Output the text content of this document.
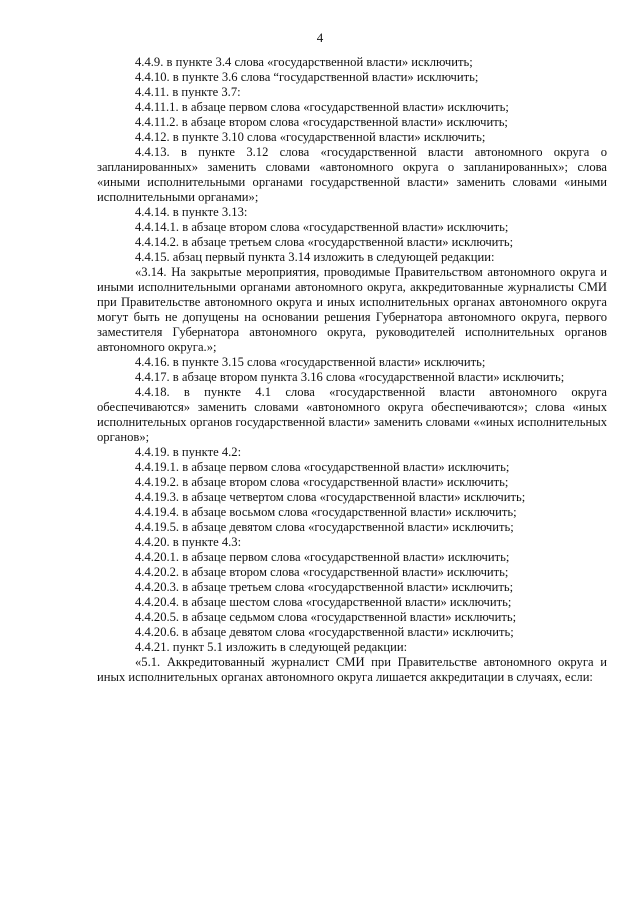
4

4.4.9. в пункте 3.4 слова «государственной власти» исключить;

4.4.10. в пункте 3.6 слова “государственной власти» исключить;

4.4.11. в пункте 3.7:

4.4.11.1. в абзаце первом слова «государственной власти» исключить;

4.4.11.2. в абзаце втором слова «государственной власти» исключить;

4.4.12. в пункте 3.10 слова «государственной власти» исключить;

4.4.13. в пункте 3.12 слова «государственной власти автономного округа о запланированных» заменить словами «автономного округа о запланированных»; слова «иными исполнительными органами государственной власти» заменить словами «иными исполнительными органами»;

4.4.14. в пункте 3.13:

4.4.14.1. в абзаце втором слова «государственной власти» исключить;

4.4.14.2. в абзаце третьем слова «государственной власти» исключить;

4.4.15. абзац первый пункта 3.14 изложить в следующей редакции:

«3.14. На закрытые мероприятия, проводимые Правительством автономного округа и иными исполнительными органами автономного округа, аккредитованные журналисты СМИ при Правительстве автономного округа и иных исполнительных органах автономного округа могут быть не допущены на основании решения Губернатора автономного округа, первого заместителя Губернатора автономного округа, руководителей исполнительных органов автономного округа.»;

4.4.16. в пункте 3.15 слова «государственной власти» исключить;

4.4.17. в абзаце втором пункта 3.16 слова «государственной власти» исключить;

4.4.18. в пункте 4.1 слова «государственной власти автономного округа обеспечиваются» заменить словами «автономного округа обеспечиваются»; слова «иных исполнительных органов государственной власти» заменить словами ««иных исполнительных органов»;

4.4.19. в пункте 4.2:

4.4.19.1. в абзаце первом слова «государственной власти» исключить;

4.4.19.2. в абзаце втором слова «государственной власти» исключить;

4.4.19.3. в абзаце четвертом слова «государственной власти» исключить;

4.4.19.4. в абзаце восьмом слова «государственной власти» исключить;

4.4.19.5. в абзаце девятом слова «государственной власти» исключить;

4.4.20. в пункте 4.3:

4.4.20.1. в абзаце первом слова «государственной власти» исключить;

4.4.20.2. в абзаце втором слова «государственной власти» исключить;

4.4.20.3. в абзаце третьем слова «государственной власти» исключить;

4.4.20.4. в абзаце шестом слова «государственной власти» исключить;

4.4.20.5. в абзаце седьмом слова «государственной власти» исключить;

4.4.20.6. в абзаце девятом слова «государственной власти» исключить;

4.4.21. пункт 5.1 изложить в следующей редакции:

«5.1. Аккредитованный журналист СМИ при Правительстве автономного округа и иных исполнительных органах автономного округа лишается аккредитации в случаях, если:
